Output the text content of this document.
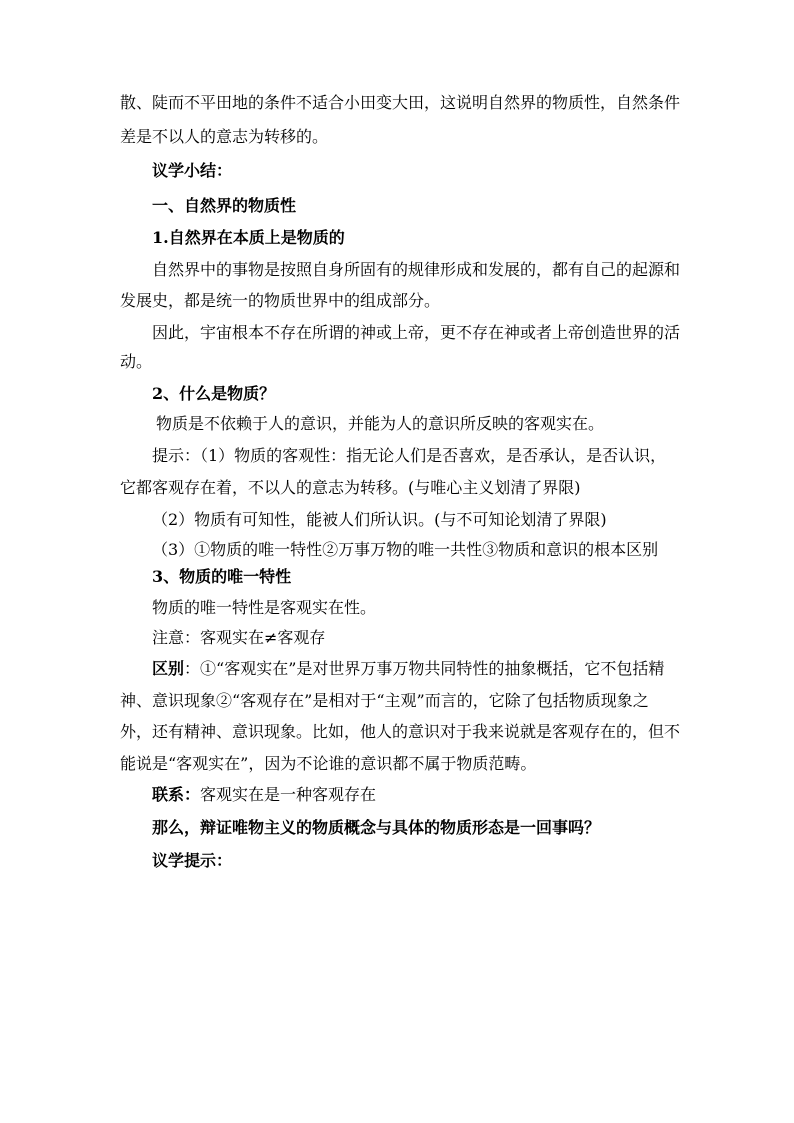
散、陡而不平田地的条件不适合小田变大田，这说明自然界的物质性，自然条件
差是不以人的意志为转移的。
议学小结：
一、自然界的物质性
1.自然界在本质上是物质的
自然界中的事物是按照自身所固有的规律形成和发展的，都有自己的起源和
发展史，都是统一的物质世界中的组成部分。
因此，宇宙根本不存在所谓的神或上帝，更不存在神或者上帝创造世界的活
动。
2、什么是物质？
物质是不依赖于人的意识，并能为人的意识所反映的客观实在。
提示：（1）物质的客观性：指无论人们是否喜欢，是否承认，是否认识，
它都客观存在着，不以人的意志为转移。(与唯心主义划清了界限)
（2）物质有可知性，能被人们所认识。(与不可知论划清了界限)
（3）①物质的唯一特性②万事万物的唯一共性③物质和意识的根本区别
3、物质的唯一特性
物质的唯一特性是客观实在性。
注意：客观实在≠客观存
区别：①“客观实在”是对世界万事万物共同特性的抽象概括，它不包括精
神、意识现象②“客观存在”是相对于“主观”而言的，它除了包括物质现象之
外，还有精神、意识现象。比如，他人的意识对于我来说就是客观存在的，但不
能说是“客观实在”，因为不论谁的意识都不属于物质范畴。
联系：客观实在是一种客观存在
那么，辩证唯物主义的物质概念与具体的物质形态是一回事吗？
议学提示：
